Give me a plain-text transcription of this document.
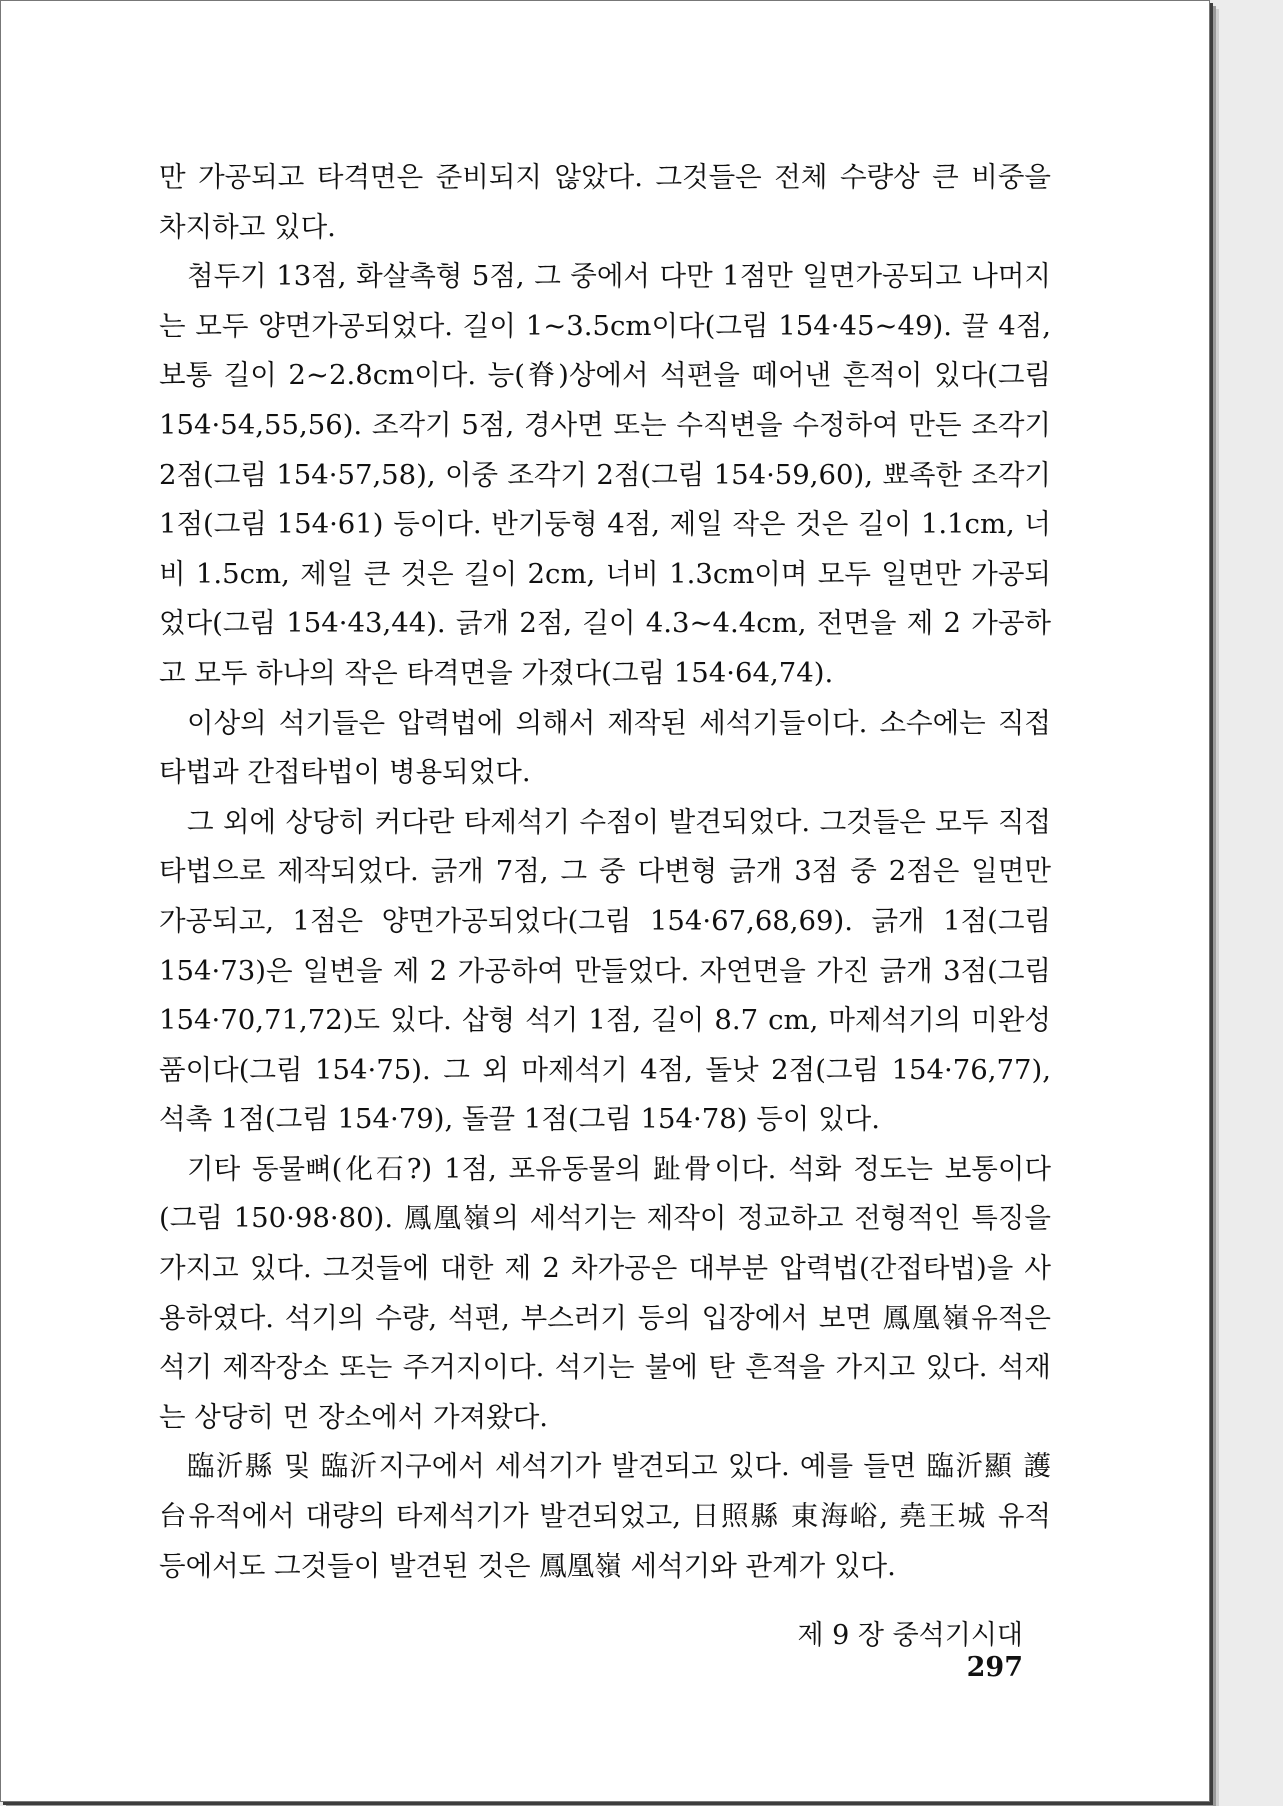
만 가공되고 타격면은 준비되지 않았다. 그것들은 전체 수량상 큰 비중을 차지하고 있다.

첨두기 13점, 화살촉형 5점, 그 중에서 다만 1점만 일면가공되고 나머지는 모두 양면가공되었다. 길이 1~3.5cm이다(그림 154·45~49). 끌 4점, 보통 길이 2~2.8cm이다. 능(脊)상에서 석편을 떼어낸 흔적이 있다(그림 154·54,55,56). 조각기 5점, 경사면 또는 수직변을 수정하여 만든 조각기 2점(그림 154·57,58), 이중 조각기 2점(그림 154·59,60), 뾰족한 조각기 1점(그림 154·61) 등이다. 반기둥형 4점, 제일 작은 것은 길이 1.1cm, 너비 1.5cm, 제일 큰 것은 길이 2cm, 너비 1.3cm이며 모두 일면만 가공되었다(그림 154·43,44). 긁개 2점, 길이 4.3~4.4cm, 전면을 제 2 가공하고 모두 하나의 작은 타격면을 가졌다(그림 154·64,74).

이상의 석기들은 압력법에 의해서 제작된 세석기들이다. 소수에는 직접타법과 간접타법이 병용되었다.

그 외에 상당히 커다란 타제석기 수점이 발견되었다. 그것들은 모두 직접타법으로 제작되었다. 긁개 7점, 그 중 다변형 긁개 3점 중 2점은 일면만 가공되고, 1점은 양면가공되었다(그림 154·67,68,69). 긁개 1점(그림 154·73)은 일변을 제 2 가공하여 만들었다. 자연면을 가진 긁개 3점(그림 154·70,71,72)도 있다. 삽형 석기 1점, 길이 8.7 cm, 마제석기의 미완성품이다(그림 154·75). 그 외 마제석기 4점, 돌낫 2점(그림 154·76,77), 석촉 1점(그림 154·79), 돌끌 1점(그림 154·78) 등이 있다.

기타 동물뼈(化石?) 1점, 포유동물의 趾骨이다. 석화 정도는 보통이다(그림 150·98·80). 鳳凰嶺의 세석기는 제작이 정교하고 전형적인 특징을 가지고 있다. 그것들에 대한 제 2 차가공은 대부분 압력법(간접타법)을 사용하였다. 석기의 수량, 석편, 부스러기 등의 입장에서 보면 鳳凰嶺유적은 석기 제작장소 또는 주거지이다. 석기는 불에 탄 흔적을 가지고 있다. 석재는 상당히 먼 장소에서 가져왔다.

臨沂縣 및 臨沂지구에서 세석기가 발견되고 있다. 예를 들면 臨沂顯 護台유적에서 대량의 타제석기가 발견되었고, 日照縣 東海峪, 堯王城 유적 등에서도 그것들이 발견된 것은 鳳凰嶺 세석기와 관계가 있다.

제 9 장 중석기시대297
